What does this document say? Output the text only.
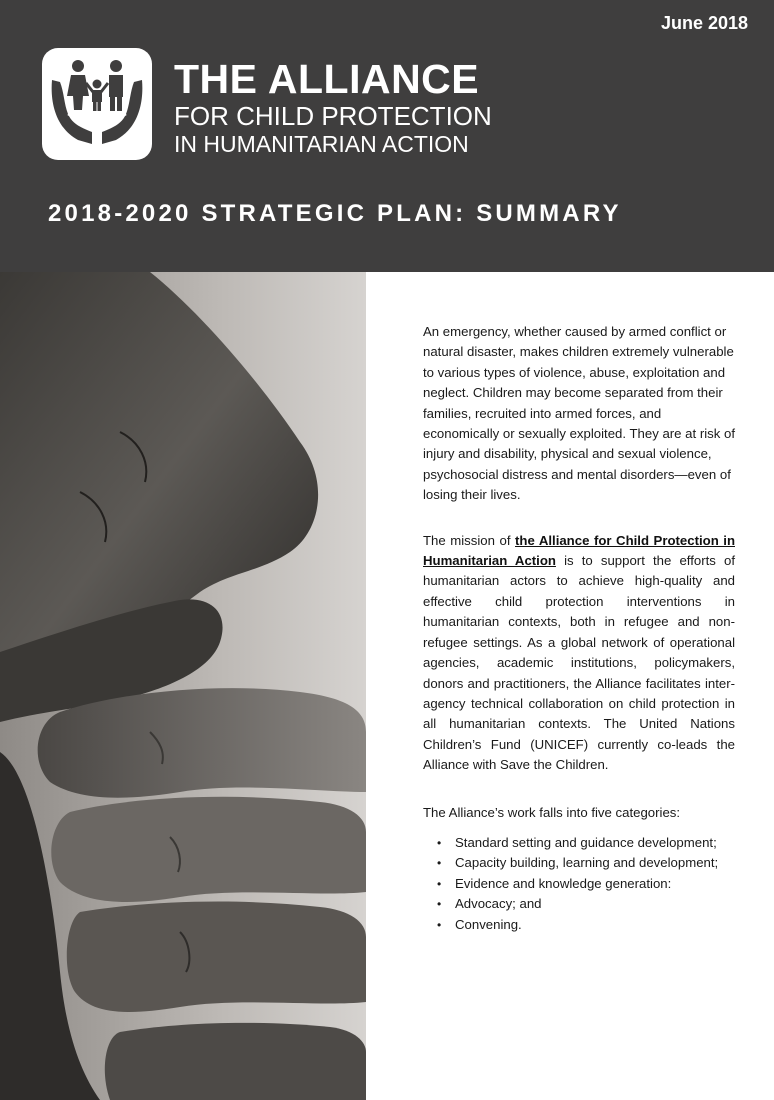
June 2018
THE ALLIANCE
FOR CHILD PROTECTION
IN HUMANITARIAN ACTION
2018-2020 STRATEGIC PLAN: SUMMARY

An emergency, whether caused by armed conflict or natural disaster, makes children extremely vulnerable to various types of violence, abuse, exploitation and neglect. Children may become separated from their families, recruited into armed forces, and economically or sexually exploited. They are at risk of injury and disability, physical and sexual violence, psychosocial distress and mental disorders—even of losing their lives.

The mission of the Alliance for Child Protection in Humanitarian Action is to support the efforts of humanitarian actors to achieve high-quality and effective child protection interventions in humanitarian contexts, both in refugee and non-refugee settings. As a global network of operational agencies, academic institutions, policymakers, donors and practitioners, the Alliance facilitates inter-agency technical collaboration on child protection in all humanitarian contexts. The United Nations Children’s Fund (UNICEF) currently co-leads the Alliance with Save the Children.

The Alliance’s work falls into five categories:

• Standard setting and guidance development;
• Capacity building, learning and development;
• Evidence and knowledge generation:
• Advocacy; and
• Convening.
